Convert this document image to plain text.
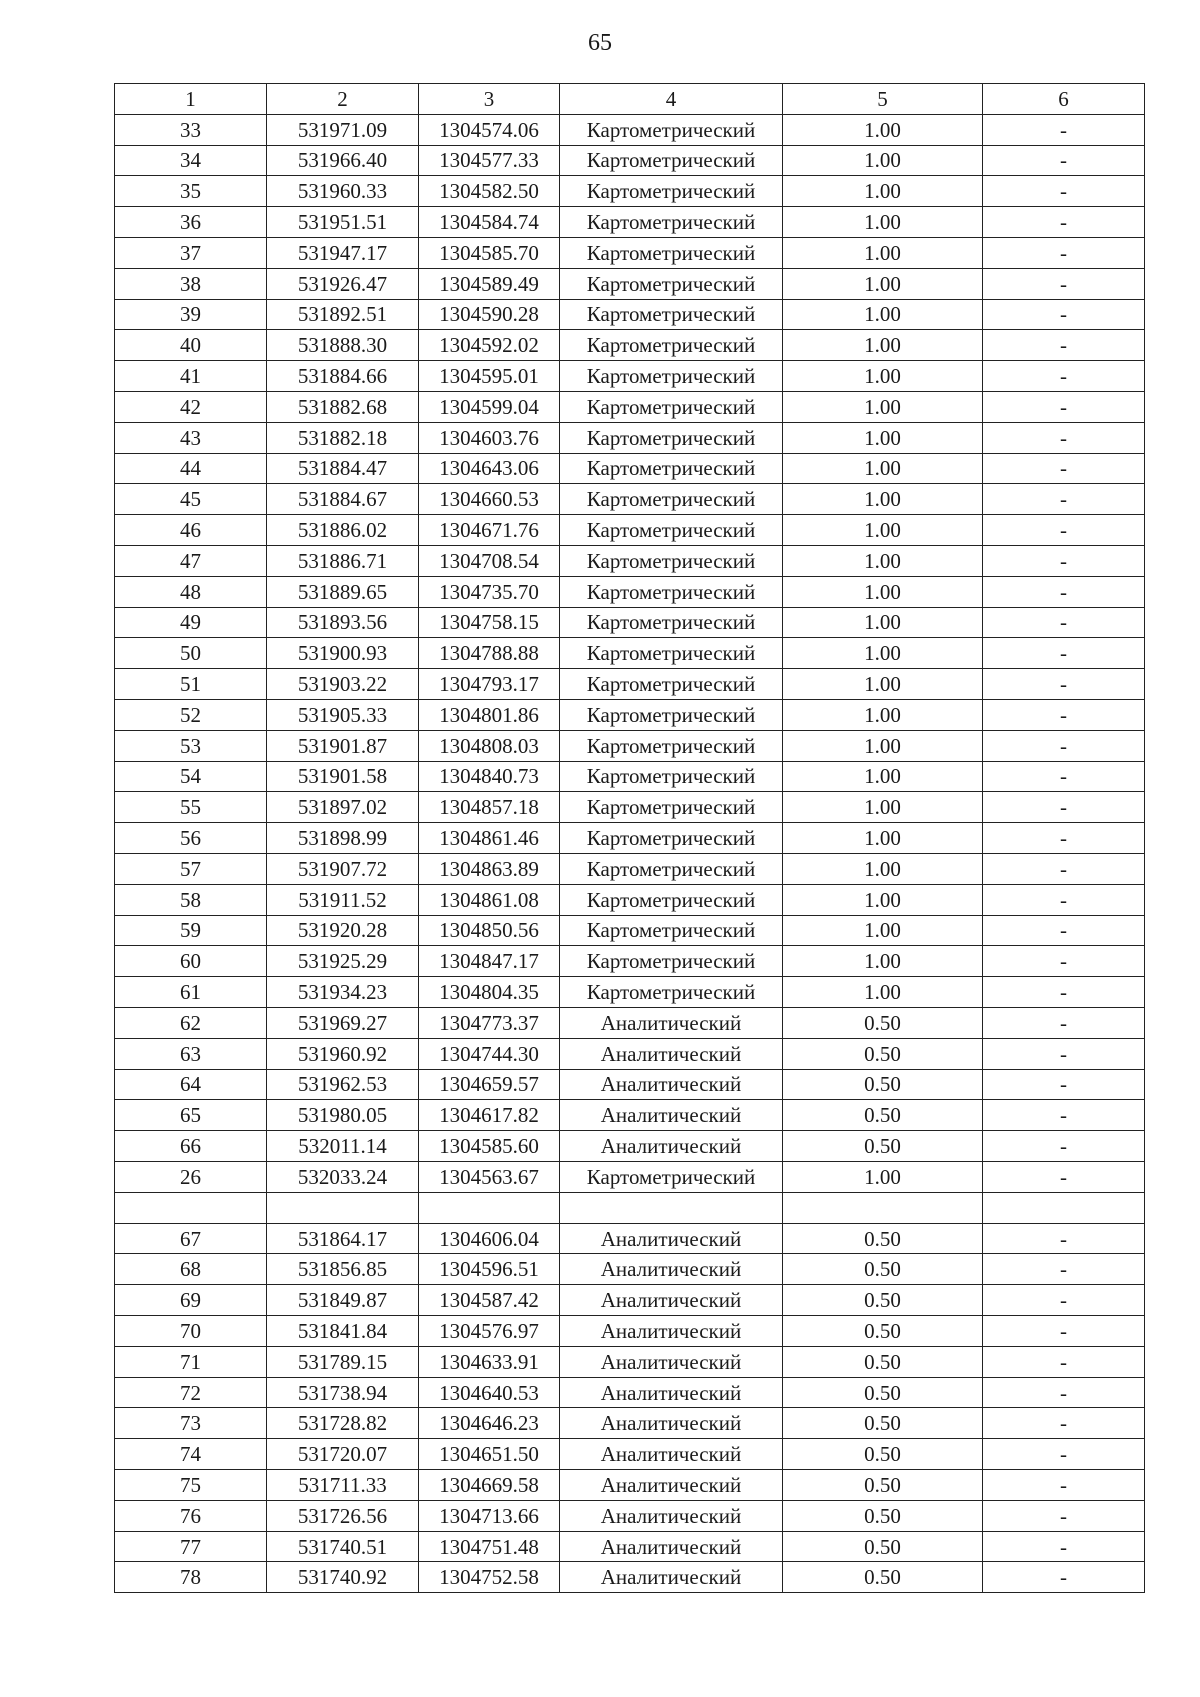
65
1	2	3	4	5	6
33	531971.09	1304574.06	Картометрический	1.00	-
34	531966.40	1304577.33	Картометрический	1.00	-
35	531960.33	1304582.50	Картометрический	1.00	-
36	531951.51	1304584.74	Картометрический	1.00	-
37	531947.17	1304585.70	Картометрический	1.00	-
38	531926.47	1304589.49	Картометрический	1.00	-
39	531892.51	1304590.28	Картометрический	1.00	-
40	531888.30	1304592.02	Картометрический	1.00	-
41	531884.66	1304595.01	Картометрический	1.00	-
42	531882.68	1304599.04	Картометрический	1.00	-
43	531882.18	1304603.76	Картометрический	1.00	-
44	531884.47	1304643.06	Картометрический	1.00	-
45	531884.67	1304660.53	Картометрический	1.00	-
46	531886.02	1304671.76	Картометрический	1.00	-
47	531886.71	1304708.54	Картометрический	1.00	-
48	531889.65	1304735.70	Картометрический	1.00	-
49	531893.56	1304758.15	Картометрический	1.00	-
50	531900.93	1304788.88	Картометрический	1.00	-
51	531903.22	1304793.17	Картометрический	1.00	-
52	531905.33	1304801.86	Картометрический	1.00	-
53	531901.87	1304808.03	Картометрический	1.00	-
54	531901.58	1304840.73	Картометрический	1.00	-
55	531897.02	1304857.18	Картометрический	1.00	-
56	531898.99	1304861.46	Картометрический	1.00	-
57	531907.72	1304863.89	Картометрический	1.00	-
58	531911.52	1304861.08	Картометрический	1.00	-
59	531920.28	1304850.56	Картометрический	1.00	-
60	531925.29	1304847.17	Картометрический	1.00	-
61	531934.23	1304804.35	Картометрический	1.00	-
62	531969.27	1304773.37	Аналитический	0.50	-
63	531960.92	1304744.30	Аналитический	0.50	-
64	531962.53	1304659.57	Аналитический	0.50	-
65	531980.05	1304617.82	Аналитический	0.50	-
66	532011.14	1304585.60	Аналитический	0.50	-
26	532033.24	1304563.67	Картометрический	1.00	-

67	531864.17	1304606.04	Аналитический	0.50	-
68	531856.85	1304596.51	Аналитический	0.50	-
69	531849.87	1304587.42	Аналитический	0.50	-
70	531841.84	1304576.97	Аналитический	0.50	-
71	531789.15	1304633.91	Аналитический	0.50	-
72	531738.94	1304640.53	Аналитический	0.50	-
73	531728.82	1304646.23	Аналитический	0.50	-
74	531720.07	1304651.50	Аналитический	0.50	-
75	531711.33	1304669.58	Аналитический	0.50	-
76	531726.56	1304713.66	Аналитический	0.50	-
77	531740.51	1304751.48	Аналитический	0.50	-
78	531740.92	1304752.58	Аналитический	0.50	-
